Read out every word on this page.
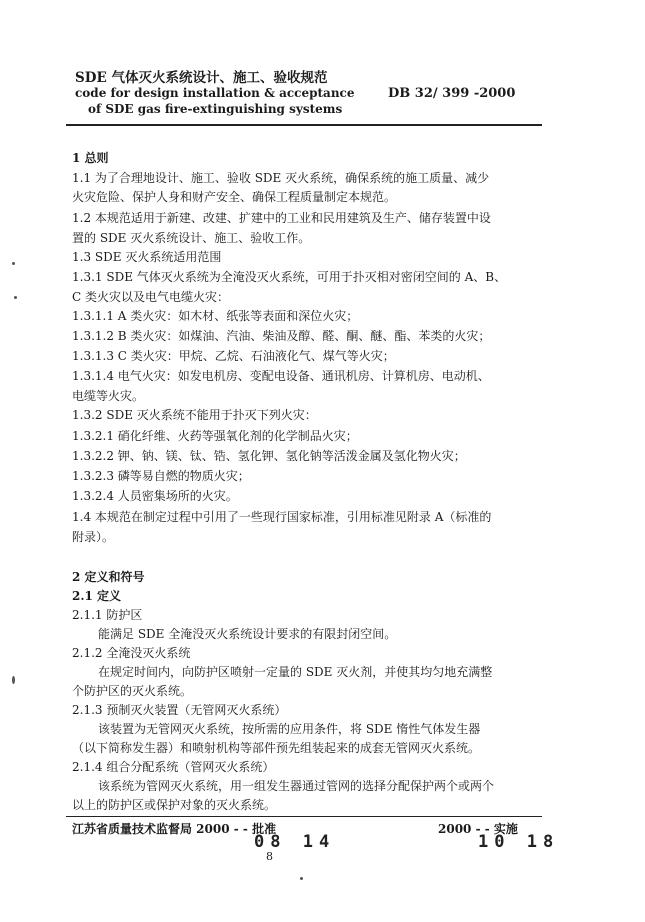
SDE 气体灭火系统设计、施工、验收规范
code for design installation & acceptance
of SDE gas fire-extinguishing systems
DB 32/ 399 -2000
1 总则
1.1 为了合理地设计、施工、验收 SDE 灭火系统，确保系统的施工质量、减少
火灾危险、保护人身和财产安全、确保工程质量制定本规范。
1.2 本规范适用于新建、改建、扩建中的工业和民用建筑及生产、储存装置中设
置的 SDE 灭火系统设计、施工、验收工作。
1.3 SDE 灭火系统适用范围
1.3.1 SDE 气体灭火系统为全淹没灭火系统，可用于扑灭相对密闭空间的 A、B、
C 类火灾以及电气电缆火灾：
1.3.1.1 A 类火灾：如木材、纸张等表面和深位火灾；
1.3.1.2 B 类火灾：如煤油、汽油、柴油及醇、醛、酮、醚、酯、苯类的火灾；
1.3.1.3 C 类火灾：甲烷、乙烷、石油液化气、煤气等火灾；
1.3.1.4 电气火灾：如发电机房、变配电设备、通讯机房、计算机房、电动机、
电缆等火灾。
1.3.2 SDE 灭火系统不能用于扑灭下列火灾：
1.3.2.1 硝化纤维、火药等强氧化剂的化学制品火灾；
1.3.2.2 钾、钠、镁、钛、锆、氢化钾、氢化钠等活泼金属及氢化物火灾；
1.3.2.3 磷等易自燃的物质火灾；
1.3.2.4 人员密集场所的火灾。
1.4 本规范在制定过程中引用了一些现行国家标准，引用标准见附录 A（标准的
附录）。
2 定义和符号
2.1 定义
2.1.1 防护区
能满足 SDE 全淹没灭火系统设计要求的有限封闭空间。
2.1.2 全淹没灭火系统
在规定时间内，向防护区喷射一定量的 SDE 灭火剂，并使其均匀地充满整
个防护区的灭火系统。
2.1.3 预制灭火装置（无管网灭火系统）
该装置为无管网灭火系统，按所需的应用条件，将 SDE 惰性气体发生器
（以下简称发生器）和喷射机构等部件预先组装起来的成套无管网灭火系统。
2.1.4 组合分配系统（管网灭火系统）
该系统为管网灭火系统，用一组发生器通过管网的选择分配保护两个或两个
以上的防护区或保护对象的灭火系统。
江苏省质量技术监督局 2000 - - 批准	2000 - - 实施
08 14	10 18
8
